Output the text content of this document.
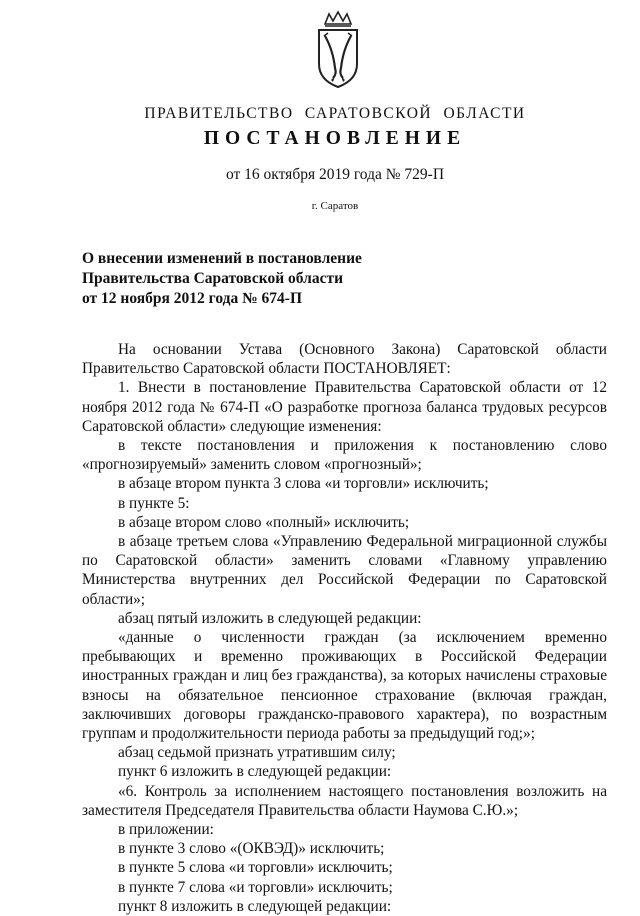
ПРАВИТЕЛЬСТВО САРАТОВСКОЙ ОБЛАСТИ
ПОСТАНОВЛЕНИЕ
от 16 октября 2019 года № 729-П
г. Саратов
О внесении изменений в постановление
Правительства Саратовской области
от 12 ноября 2012 года № 674-П

На основании Устава (Основного Закона) Саратовской области Правительство Саратовской области ПОСТАНОВЛЯЕТ:

1. Внести в постановление Правительства Саратовской области от 12 ноября 2012 года № 674-П «О разработке прогноза баланса трудовых ресурсов Саратовской области» следующие изменения:

в тексте постановления и приложения к постановлению слово «прогнозируемый» заменить словом «прогнозный»;

в абзаце втором пункта 3 слова «и торговли» исключить;

в пункте 5:

в абзаце втором слово «полный» исключить;

в абзаце третьем слова «Управлению Федеральной миграционной службы по Саратовской области» заменить словами «Главному управлению Министерства внутренних дел Российской Федерации по Саратовской области»;

абзац пятый изложить в следующей редакции:

«данные о численности граждан (за исключением временно пребывающих и временно проживающих в Российской Федерации иностранных граждан и лиц без гражданства), за которых начислены страховые взносы на обязательное пенсионное страхование (включая граждан, заключивших договоры гражданско-правового характера), по возрастным группам и продолжительности периода работы за предыдущий год;»;

абзац седьмой признать утратившим силу;

пункт 6 изложить в следующей редакции:

«6. Контроль за исполнением настоящего постановления возложить на заместителя Председателя Правительства области Наумова С.Ю.»;

в приложении:

в пункте 3 слово «(ОКВЭД)» исключить;

в пункте 5 слова «и торговли» исключить;

в пункте 7 слова «и торговли» исключить;

пункт 8 изложить в следующей редакции:
